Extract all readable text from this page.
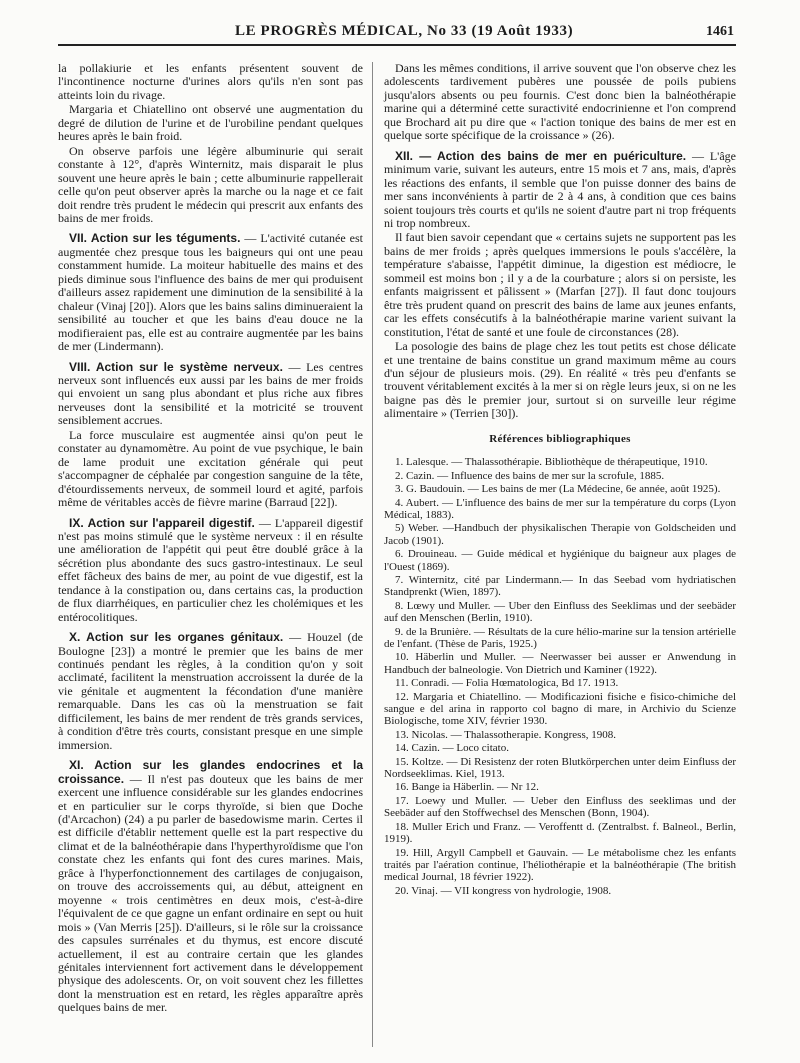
LE PROGRÈS MÉDICAL, No 33 (19 Août 1933)	1461

la pollakiurie et les enfants présentent souvent de l'incontinence nocturne d'urines alors qu'ils n'en sont pas atteints loin du rivage.

Margaria et Chiatellino ont observé une augmentation du degré de dilution de l'urine et de l'urobiline pendant quelques heures après le bain froid.

On observe parfois une légère albuminurie qui serait constante à 12°, d'après Winternitz, mais disparait le plus souvent une heure après le bain ; cette albuminurie rappellerait celle qu'on peut observer après la marche ou la nage et ce fait doit rendre très prudent le médecin qui prescrit aux enfants des bains de mer froids.

VII. Action sur les téguments. — L'activité cutanée est augmentée chez presque tous les baigneurs qui ont une peau constamment humide. La moiteur habituelle des mains et des pieds diminue sous l'influence des bains de mer qui produisent d'ailleurs assez rapidement une diminution de la sensibilité à la chaleur (Vinaj [20]). Alors que les bains salins diminueraient la sensibilité au toucher et que les bains d'eau douce ne la modifieraient pas, elle est au contraire augmentée par les bains de mer (Lindermann).

VIII. Action sur le système nerveux. — Les centres nerveux sont influencés eux aussi par les bains de mer froids qui envoient un sang plus abondant et plus riche aux fibres nerveuses dont la sensibilité et la motricité se trouvent sensiblement accrues.

La force musculaire est augmentée ainsi qu'on peut le constater au dynamomètre. Au point de vue psychique, le bain de lame produit une excitation générale qui peut s'accompagner de céphalée par congestion sanguine de la tête, d'étourdissements nerveux, de sommeil lourd et agité, parfois même de véritables accès de fièvre marine (Barraud [22]).

IX. Action sur l'appareil digestif. — L'appareil digestif n'est pas moins stimulé que le système nerveux : il en résulte une amélioration de l'appétit qui peut être doublé grâce à la sécrétion plus abondante des sucs gastro-intestinaux. Le seul effet fâcheux des bains de mer, au point de vue digestif, est la tendance à la constipation ou, dans certains cas, la production de flux diarrhéiques, en particulier chez les cholémiques et les entérocolitiques.

X. Action sur les organes génitaux. — Houzel (de Boulogne [23]) a montré le premier que les bains de mer continués pendant les règles, à la condition qu'on y soit acclimaté, facilitent la menstruation accroissent la durée de la vie génitale et augmentent la fécondation d'une manière remarquable. Dans les cas où la menstruation se fait difficilement, les bains de mer rendent de très grands services, à condition d'être très courts, consistant presque en une simple immersion.

XI. Action sur les glandes endocrines et la croissance. — Il n'est pas douteux que les bains de mer exercent une influence considérable sur les glandes endocrines et en particulier sur le corps thyroïde, si bien que Doche (d'Arcachon) (24) a pu parler de basedowisme marin. Certes il est difficile d'établir nettement quelle est la part respective du climat et de la balnéothérapie dans l'hyperthyroïdisme que l'on constate chez les enfants qui font des cures marines. Mais, grâce à l'hyperfonctionnement des cartilages de conjugaison, on trouve des accroissements qui, au début, atteignent en moyenne « trois centimètres en deux mois, c'est-à-dire l'équivalent de ce que gagne un enfant ordinaire en sept ou huit mois » (Van Merris [25]). D'ailleurs, si le rôle sur la croissance des capsules surrénales et du thymus, est encore discuté actuellement, il est au contraire certain que les glandes génitales interviennent fort activement dans le développement physique des adolescents. Or, on voit souvent chez les fillettes dont la menstruation est en retard, les règles apparaître après quelques bains de mer.

Dans les mêmes conditions, il arrive souvent que l'on observe chez les adolescents tardivement pubères une poussée de poils pubiens jusqu'alors absents ou peu fournis. C'est donc bien la balnéothérapie marine qui a déterminé cette suractivité endocrinienne et l'on comprend que Brochard ait pu dire que « l'action tonique des bains de mer est en quelque sorte spécifique de la croissance » (26).

XII. — Action des bains de mer en puériculture. — L'âge minimum varie, suivant les auteurs, entre 15 mois et 7 ans, mais, d'après les réactions des enfants, il semble que l'on puisse donner des bains de mer sans inconvénients à partir de 2 à 4 ans, à condition que ces bains soient toujours très courts et qu'ils ne soient d'autre part ni trop fréquents ni trop nombreux.

Il faut bien savoir cependant que « certains sujets ne supportent pas les bains de mer froids ; après quelques immersions le pouls s'accélère, la température s'abaisse, l'appétit diminue, la digestion est médiocre, le sommeil est moins bon ; il y a de la courbature ; alors si on persiste, les enfants maigrissent et pâlissent » (Marfan [27]). Il faut donc toujours être très prudent quand on prescrit des bains de lame aux jeunes enfants, car les effets consécutifs à la balnéothérapie marine varient suivant la constitution, l'état de santé et une foule de circonstances (28).

La posologie des bains de plage chez les tout petits est chose délicate et une trentaine de bains constitue un grand maximum même au cours d'un séjour de plusieurs mois. (29). En réalité « très peu d'enfants se trouvent véritablement excités à la mer si on règle leurs jeux, si on ne les baigne pas dès le premier jour, surtout si on surveille leur régime alimentaire » (Terrien [30]).

Références bibliographiques

1. Lalesque. — Thalassothérapie. Bibliothèque de thérapeutique, 1910.

2. Cazin. — Influence des bains de mer sur la scrofule, 1885.

3. G. Baudouin. — Les bains de mer (La Médecine, 6e année, août 1925).

4. Aubert. — L'influence des bains de mer sur la température du corps (Lyon Médical, 1883).

5) Weber. —Handbuch der physikalischen Therapie von Goldscheiden und Jacob (1901).

6. Drouineau. — Guide médical et hygiénique du baigneur aux plages de l'Ouest (1869).

7. Winternitz, cité par Lindermann.— In das Seebad vom hydriatischen Standprenkt (Wien, 1897).

8. Lœwy und Muller. — Uber den Einfluss des Seeklimas und der seebäder auf den Menschen (Berlin, 1910).

9. de la Brunière. — Résultats de la cure hélio-marine sur la tension artérielle de l'enfant. (Thèse de Paris, 1925.)

10. Häberlin und Muller. — Neerwasser bei ausser er Anwendung in Handbuch der balneologie. Von Dietrich und Kaminer (1922).

11. Conradi. — Folia Hœmatologica, Bd 17. 1913.

12. Margaria et Chiatellino. — Modificazioni fisiche e fisico-chimiche del sangue e del arina in rapporto col bagno di mare, in Archivio du Scienze Biologische, tome XIV, février 1930.

13. Nicolas. — Thalassotherapie. Kongress, 1908.

14. Cazin. — Loco citato.

15. Koltze. — Di Resistenz der roten Blutkörperchen unter deim Einfluss der Nordseeklimas. Kiel, 1913.

16. Bange ia Häberlin. — Nr 12.

17. Loewy und Muller. — Ueber den Einfluss des seeklimas und der Seebäder auf den Stoffwechsel des Menschen (Bonn, 1904).

18. Muller Erich und Franz. — Veroffentt d. (Zentralbst. f. Balneol., Berlin, 1919).

19. Hill, Argyll Campbell et Gauvain. — Le métabolisme chez les enfants traités par l'aération continue, l'héliothérapie et la balnéothérapie (The british medical Journal, 18 février 1922).

20. Vinaj. — VII kongress von hydrologie, 1908.
